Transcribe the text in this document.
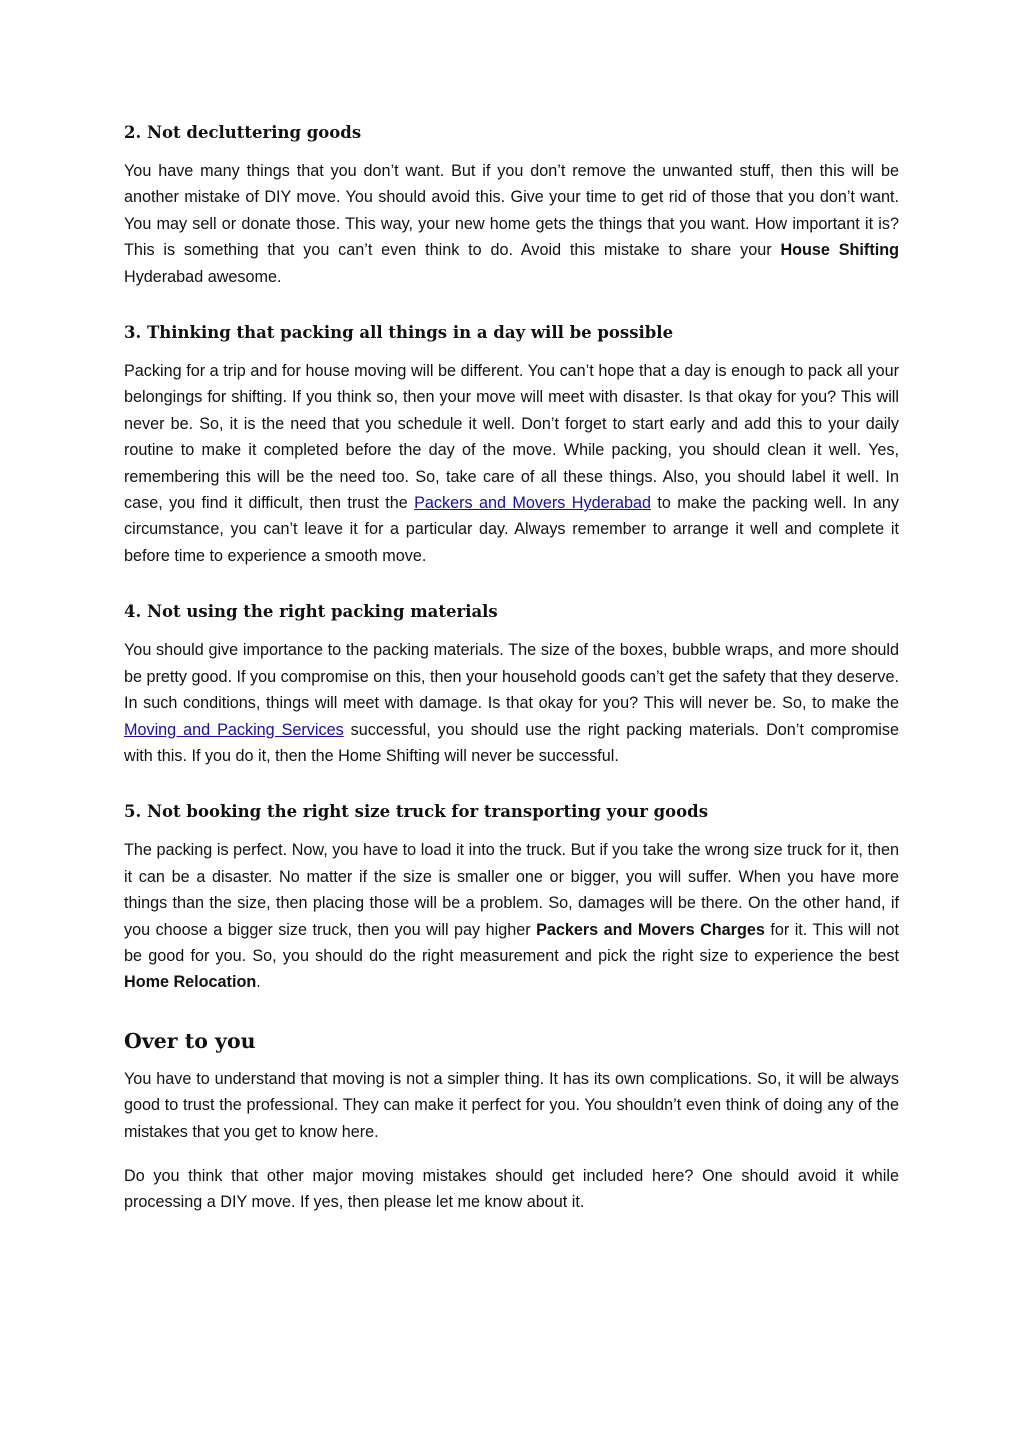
2. Not decluttering goods

You have many things that you don’t want. But if you don’t remove the unwanted stuff, then this will be another mistake of DIY move. You should avoid this. Give your time to get rid of those that you don’t want. You may sell or donate those. This way, your new home gets the things that you want. How important it is? This is something that you can’t even think to do. Avoid this mistake to share your House Shifting Hyderabad awesome.

3. Thinking that packing all things in a day will be possible

Packing for a trip and for house moving will be different. You can’t hope that a day is enough to pack all your belongings for shifting. If you think so, then your move will meet with disaster. Is that okay for you? This will never be. So, it is the need that you schedule it well. Don’t forget to start early and add this to your daily routine to make it completed before the day of the move. While packing, you should clean it well. Yes, remembering this will be the need too. So, take care of all these things. Also, you should label it well. In case, you find it difficult, then trust the Packers and Movers Hyderabad to make the packing well. In any circumstance, you can’t leave it for a particular day. Always remember to arrange it well and complete it before time to experience a smooth move.

4. Not using the right packing materials

You should give importance to the packing materials. The size of the boxes, bubble wraps, and more should be pretty good. If you compromise on this, then your household goods can’t get the safety that they deserve. In such conditions, things will meet with damage. Is that okay for you? This will never be. So, to make the Moving and Packing Services successful, you should use the right packing materials. Don’t compromise with this. If you do it, then the Home Shifting will never be successful.

5. Not booking the right size truck for transporting your goods

The packing is perfect. Now, you have to load it into the truck. But if you take the wrong size truck for it, then it can be a disaster. No matter if the size is smaller one or bigger, you will suffer. When you have more things than the size, then placing those will be a problem. So, damages will be there. On the other hand, if you choose a bigger size truck, then you will pay higher Packers and Movers Charges for it. This will not be good for you. So, you should do the right measurement and pick the right size to experience the best Home Relocation.

Over to you

You have to understand that moving is not a simpler thing. It has its own complications. So, it will be always good to trust the professional. They can make it perfect for you. You shouldn’t even think of doing any of the mistakes that you get to know here.

Do you think that other major moving mistakes should get included here? One should avoid it while processing a DIY move. If yes, then please let me know about it.
